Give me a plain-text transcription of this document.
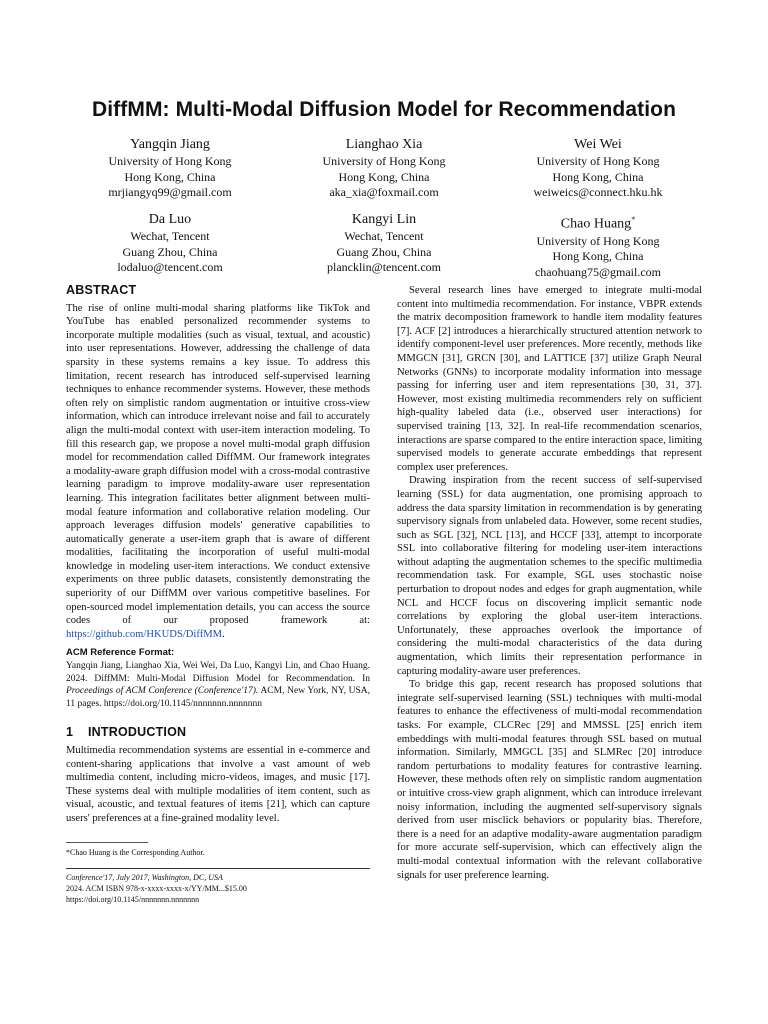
DiffMM: Multi-Modal Diffusion Model for Recommendation
Yangqin Jiang
University of Hong Kong
Hong Kong, China
mrjiangyq99@gmail.com
Lianghao Xia
University of Hong Kong
Hong Kong, China
aka_xia@foxmail.com
Wei Wei
University of Hong Kong
Hong Kong, China
weiweics@connect.hku.hk
Da Luo
Wechat, Tencent
Guang Zhou, China
lodaluo@tencent.com
Kangyi Lin
Wechat, Tencent
Guang Zhou, China
plancklin@tencent.com
Chao Huang*
University of Hong Kong
Hong Kong, China
chaohuang75@gmail.com
ABSTRACT

The rise of online multi-modal sharing platforms like TikTok and YouTube has enabled personalized recommender systems to incorporate multiple modalities (such as visual, textual, and acoustic) into user representations. However, addressing the challenge of data sparsity in these systems remains a key issue. To address this limitation, recent research has introduced self-supervised learning techniques to enhance recommender systems. However, these methods often rely on simplistic random augmentation or intuitive cross-view information, which can introduce irrelevant noise and fail to accurately align the multi-modal context with user-item interaction modeling. To fill this research gap, we propose a novel multi-modal graph diffusion model for recommendation called DiffMM. Our framework integrates a modality-aware graph diffusion model with a cross-modal contrastive learning paradigm to improve modality-aware user representation learning. This integration facilitates better alignment between multi-modal feature information and collaborative relation modeling. Our approach leverages diffusion models' generative capabilities to automatically generate a user-item graph that is aware of different modalities, facilitating the incorporation of useful multi-modal knowledge in modeling user-item interactions. We conduct extensive experiments on three public datasets, consistently demonstrating the superiority of our DiffMM over various competitive baselines. For open-sourced model implementation details, you can access the source codes of our proposed framework at: https://github.com/HKUDS/DiffMM.

ACM Reference Format:

Yangqin Jiang, Lianghao Xia, Wei Wei, Da Luo, Kangyi Lin, and Chao Huang. 2024. DiffMM: Multi-Modal Diffusion Model for Recommendation. In Proceedings of ACM Conference (Conference'17). ACM, New York, NY, USA, 11 pages. https://doi.org/10.1145/nnnnnnn.nnnnnnn

1 INTRODUCTION

Multimedia recommendation systems are essential in e-commerce and content-sharing applications that involve a vast amount of web multimedia content, including micro-videos, images, and music [17]. These systems deal with multiple modalities of item content, such as visual, acoustic, and textual features of items [21], which can capture users' preferences at a fine-grained modality level.

*Chao Huang is the Corresponding Author.
Conference'17, July 2017, Washington, DC, USA
2024. ACM ISBN 978-x-xxxx-xxxx-x/YY/MM...$15.00
https://doi.org/10.1145/nnnnnnn.nnnnnnn

Several research lines have emerged to integrate multi-modal content into multimedia recommendation. For instance, VBPR extends the matrix decomposition framework to handle item modality features [7]. ACF [2] introduces a hierarchically structured attention network to identify component-level user preferences. More recently, methods like MMGCN [31], GRCN [30], and LATTICE [37] utilize Graph Neural Networks (GNNs) to incorporate modality information into message passing for inferring user and item representations [30, 31, 37]. However, most existing multimedia recommenders rely on sufficient high-quality labeled data (i.e., observed user interactions) for supervised training [13, 32]. In real-life recommendation scenarios, interactions are sparse compared to the entire interaction space, limiting supervised models to generate accurate embeddings that represent complex user preferences.

Drawing inspiration from the recent success of self-supervised learning (SSL) for data augmentation, one promising approach to address the data sparsity limitation in recommendation is by generating supervisory signals from unlabeled data. However, some recent studies, such as SGL [32], NCL [13], and HCCF [33], attempt to incorporate SSL into collaborative filtering for modeling user-item interactions without adapting the augmentation schemes to the specific multimedia recommendation task. For example, SGL uses stochastic noise perturbation to dropout nodes and edges for graph augmentation, while NCL and HCCF focus on discovering implicit semantic node correlations by exploring the global user-item interactions. Unfortunately, these approaches overlook the importance of considering the multi-modal characteristics of the data during augmentation, which limits their representation performance in capturing modality-aware user preferences.

To bridge this gap, recent research has proposed solutions that integrate self-supervised learning (SSL) techniques with multi-modal features to enhance the effectiveness of multi-modal recommendation tasks. For example, CLCRec [29] and MMSSL [25] enrich item embeddings with multi-modal features through SSL based on mutual information. Similarly, MMGCL [35] and SLMRec [20] introduce random perturbations to modality features for contrastive learning. However, these methods often rely on simplistic random augmentation or intuitive cross-view graph alignment, which can introduce irrelevant noisy information, including the augmented self-supervisory signals derived from user misclick behaviors or popularity bias. Therefore, there is a need for an adaptive modality-aware augmentation paradigm for more accurate self-supervision, which can effectively align the multi-modal contextual information with the relevant collaborative signals for user preference learning.
